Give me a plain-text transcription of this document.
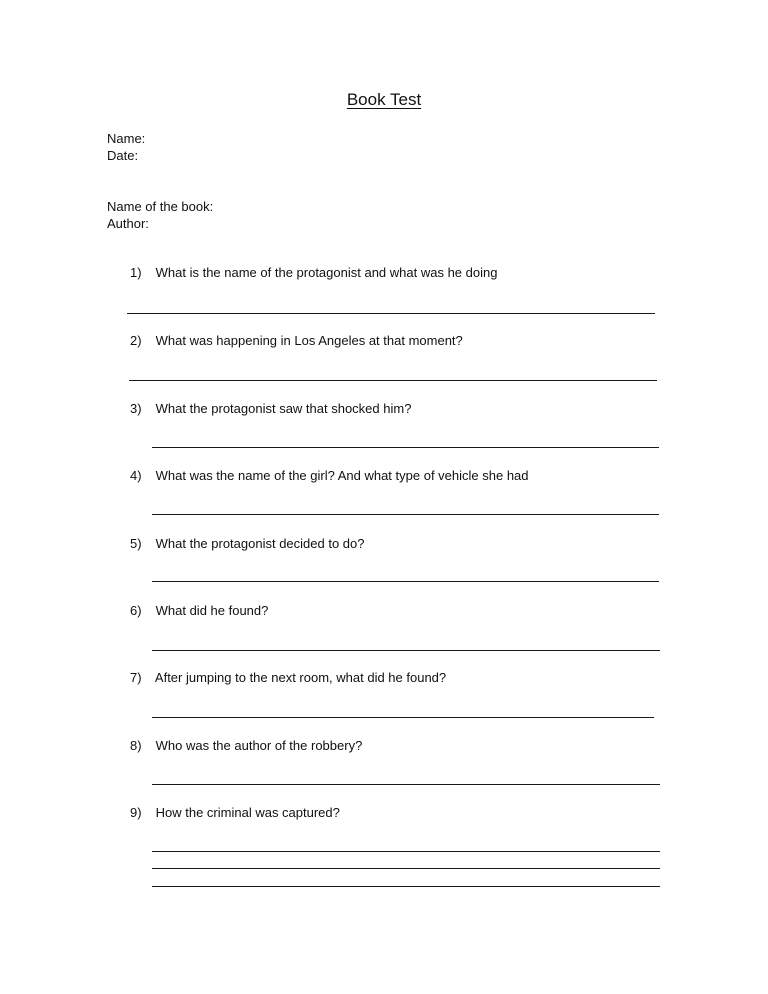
Book Test
Name:
Date:
Name of the book:
Author:
1) What is the name of the protagonist and what was he doing
2) What was happening in Los Angeles at that moment?
3) What the protagonist saw that shocked him?
4) What was the name of the girl? And what type of vehicle she had
5) What the protagonist decided to do?
6) What did he found?
7) After jumping to the next room, what did he found?
8) Who was the author of the robbery?
9) How the criminal was captured?
